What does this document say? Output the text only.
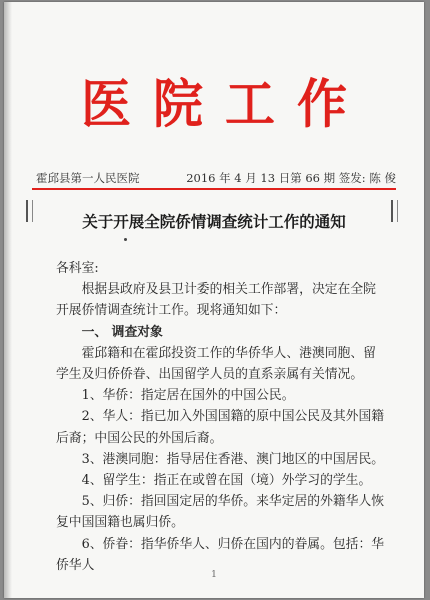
医院工作
霍邱县第一人民医院	2016 年 4 月 13 日第 66 期 签发: 陈 俊
关于开展全院侨情调查统计工作的通知

各科室:

根据县政府及县卫计委的相关工作部署，决定在全院开展侨情调查统计工作。现将通知如下：

一、 调查对象

霍邱籍和在霍邱投资工作的华侨华人、港澳同胞、留学生及归侨侨眷、出国留学人员的直系亲属有关情况。

1、华侨：指定居在国外的中国公民。

2、华人：指已加入外国国籍的原中国公民及其外国籍后裔；中国公民的外国后裔。

3、港澳同胞：指导居住香港、澳门地区的中国居民。

4、留学生：指正在或曾在国（境）外学习的学生。

5、归侨：指回国定居的华侨。来华定居的外籍华人恢复中国国籍也属归侨。

6、侨眷：指华侨华人、归侨在国内的眷属。包括：华侨华人

1
